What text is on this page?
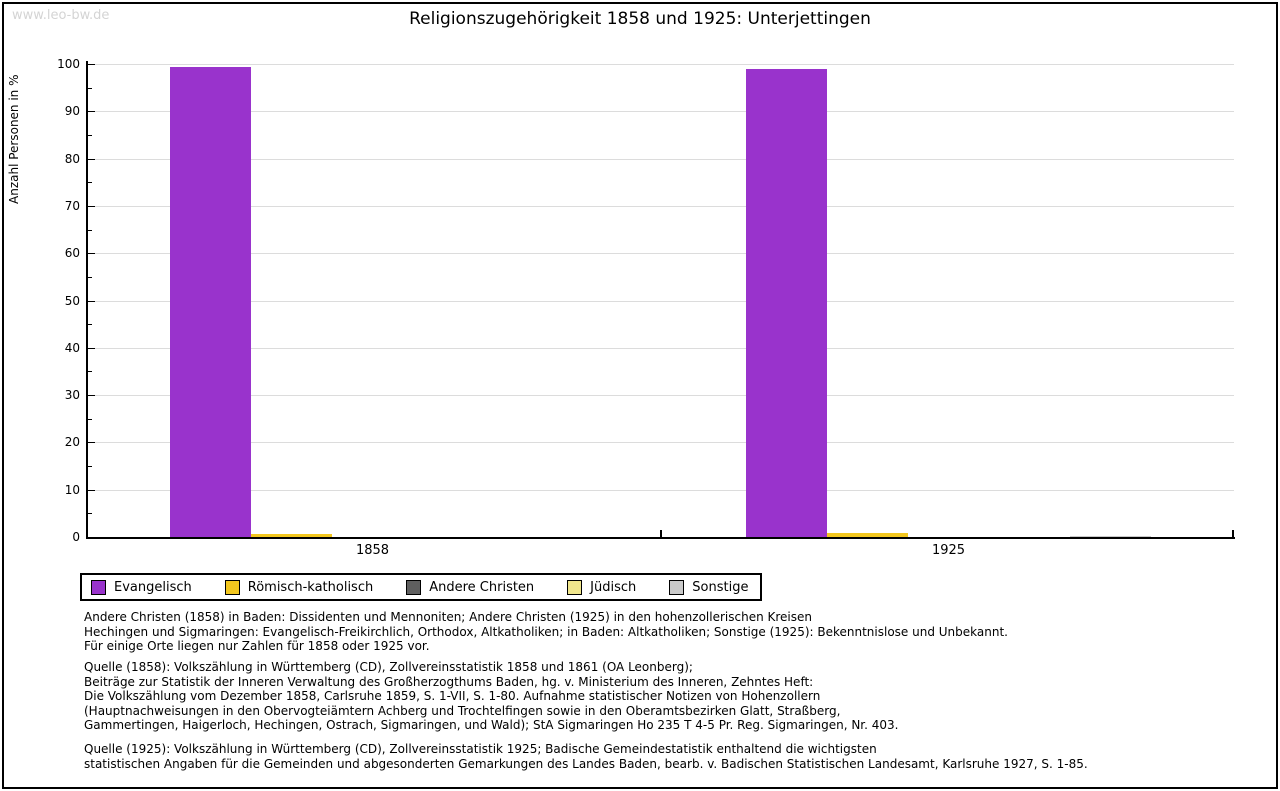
www.leo-bw.de	Religionszugehörigkeit 1858 und 1925: Unterjettingen
Anzahl Personen in %
0
10
20
30
40
50
60
70
80
90
100
1858	1925
Evangelisch	Römisch-katholisch	Andere Christen	Jüdisch	Sonstige
Andere Christen (1858) in Baden: Dissidenten und Mennoniten; Andere Christen (1925) in den hohenzollerischen Kreisen
Hechingen und Sigmaringen: Evangelisch-Freikirchlich, Orthodox, Altkatholiken; in Baden: Altkatholiken; Sonstige (1925): Bekenntnislose und Unbekannt.
Für einige Orte liegen nur Zahlen für 1858 oder 1925 vor.
Quelle (1858): Volkszählung in Württemberg (CD), Zollvereinsstatistik 1858 und 1861 (OA Leonberg);
Beiträge zur Statistik der Inneren Verwaltung des Großherzogthums Baden, hg. v. Ministerium des Inneren, Zehntes Heft:
Die Volkszählung vom Dezember 1858, Carlsruhe 1859, S. 1-VII, S. 1-80. Aufnahme statistischer Notizen von Hohenzollern
(Hauptnachweisungen in den Obervogteiämtern Achberg und Trochtelfingen sowie in den Oberamtsbezirken Glatt, Straßberg,
Gammertingen, Haigerloch, Hechingen, Ostrach, Sigmaringen, und Wald); StA Sigmaringen Ho 235 T 4-5 Pr. Reg. Sigmaringen, Nr. 403.
Quelle (1925): Volkszählung in Württemberg (CD), Zollvereinsstatistik 1925; Badische Gemeindestatistik enthaltend die wichtigsten
statistischen Angaben für die Gemeinden und abgesonderten Gemarkungen des Landes Baden, bearb. v. Badischen Statistischen Landesamt, Karlsruhe 1927, S. 1-85.
